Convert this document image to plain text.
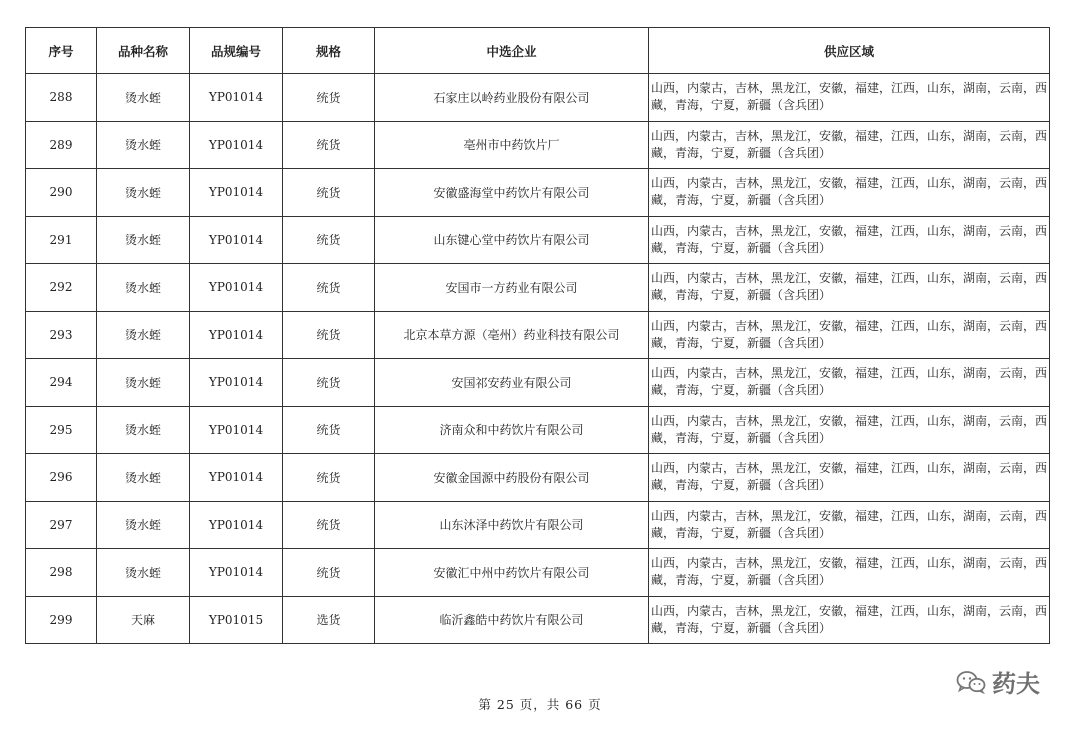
序号	品种名称	品规编号	规格	中选企业	供应区域
288	烫水蛭	YP01014	统货	石家庄以岭药业股份有限公司	山西，内蒙古，吉林，黑龙江，安徽，福建，江西，山东，湖南，云南，西藏，青海，宁夏，新疆（含兵团）
289	烫水蛭	YP01014	统货	亳州市中药饮片厂	山西，内蒙古，吉林，黑龙江，安徽，福建，江西，山东，湖南，云南，西藏，青海，宁夏，新疆（含兵团）
290	烫水蛭	YP01014	统货	安徽盛海堂中药饮片有限公司	山西，内蒙古，吉林，黑龙江，安徽，福建，江西，山东，湖南，云南，西藏，青海，宁夏，新疆（含兵团）
291	烫水蛭	YP01014	统货	山东键心堂中药饮片有限公司	山西，内蒙古，吉林，黑龙江，安徽，福建，江西，山东，湖南，云南，西藏，青海，宁夏，新疆（含兵团）
292	烫水蛭	YP01014	统货	安国市一方药业有限公司	山西，内蒙古，吉林，黑龙江，安徽，福建，江西，山东，湖南，云南，西藏，青海，宁夏，新疆（含兵团）
293	烫水蛭	YP01014	统货	北京本草方源（亳州）药业科技有限公司	山西，内蒙古，吉林，黑龙江，安徽，福建，江西，山东，湖南，云南，西藏，青海，宁夏，新疆（含兵团）
294	烫水蛭	YP01014	统货	安国祁安药业有限公司	山西，内蒙古，吉林，黑龙江，安徽，福建，江西，山东，湖南，云南，西藏，青海，宁夏，新疆（含兵团）
295	烫水蛭	YP01014	统货	济南众和中药饮片有限公司	山西，内蒙古，吉林，黑龙江，安徽，福建，江西，山东，湖南，云南，西藏，青海，宁夏，新疆（含兵团）
296	烫水蛭	YP01014	统货	安徽金国源中药股份有限公司	山西，内蒙古，吉林，黑龙江，安徽，福建，江西，山东，湖南，云南，西藏，青海，宁夏，新疆（含兵团）
297	烫水蛭	YP01014	统货	山东沐泽中药饮片有限公司	山西，内蒙古，吉林，黑龙江，安徽，福建，江西，山东，湖南，云南，西藏，青海，宁夏，新疆（含兵团）
298	烫水蛭	YP01014	统货	安徽汇中州中药饮片有限公司	山西，内蒙古，吉林，黑龙江，安徽，福建，江西，山东，湖南，云南，西藏，青海，宁夏，新疆（含兵团）
299	天麻	YP01015	选货	临沂鑫皓中药饮片有限公司	山西，内蒙古，吉林，黑龙江，安徽，福建，江西，山东，湖南，云南，西藏，青海，宁夏，新疆（含兵团）
第 25 页，共 66 页
药夫
